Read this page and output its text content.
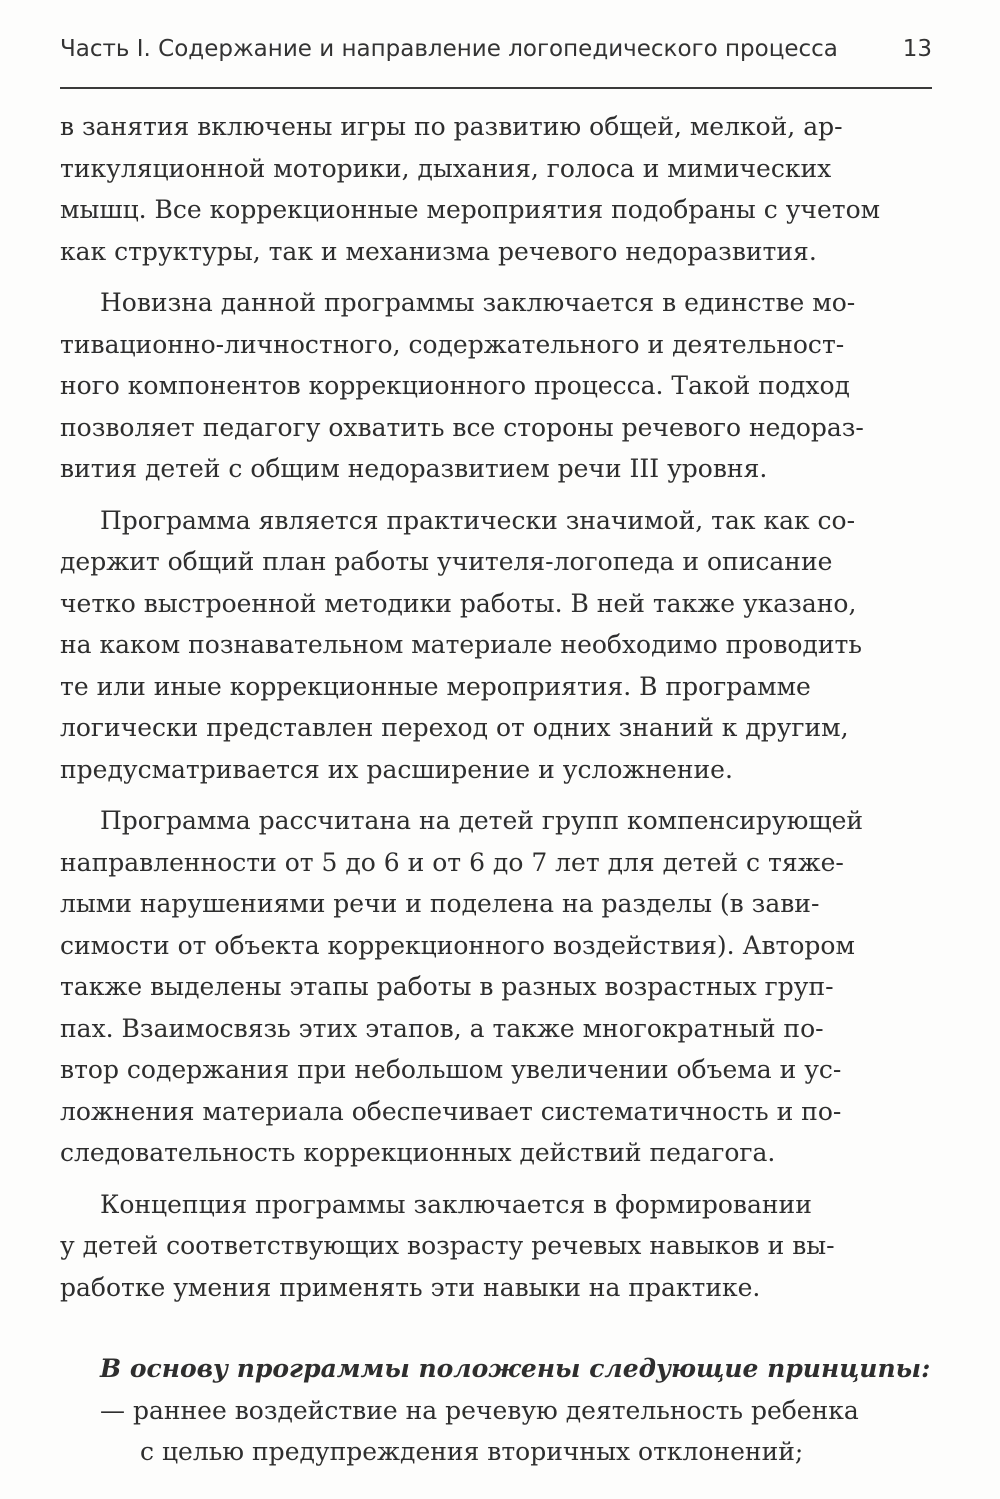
Часть I. Содержание и направление логопедического процесса	13
в занятия включены игры по развитию общей, мелкой, ар-
тикуляционной моторики, дыхания, голоса и мимических
мышц. Все коррекционные мероприятия подобраны с учетом
как структуры, так и механизма речевого недоразвития.
Новизна данной программы заключается в единстве мо-
тивационно-личностного, содержательного и деятельност-
ного компонентов коррекционного процесса. Такой подход
позволяет педагогу охватить все стороны речевого недораз-
вития детей с общим недоразвитием речи III уровня.
Программа является практически значимой, так как со-
держит общий план работы учителя-логопеда и описание
четко выстроенной методики работы. В ней также указано,
на каком познавательном материале необходимо проводить
те или иные коррекционные мероприятия. В программе
логически представлен переход от одних знаний к другим,
предусматривается их расширение и усложнение.
Программа рассчитана на детей групп компенсирующей
направленности от 5 до 6 и от 6 до 7 лет для детей с тяже-
лыми нарушениями речи и поделена на разделы (в зави-
симости от объекта коррекционного воздействия). Автором
также выделены этапы работы в разных возрастных груп-
пах. Взаимосвязь этих этапов, а также многократный по-
втор содержания при небольшом увеличении объема и ус-
ложнения материала обеспечивает систематичность и по-
следовательность коррекционных действий педагога.
Концепция программы заключается в формировании
у детей соответствующих возрасту речевых навыков и вы-
работке умения применять эти навыки на практике.
В основу программы положены следующие принципы:
— раннее воздействие на речевую деятельность ребенка
с целью предупреждения вторичных отклонений;
